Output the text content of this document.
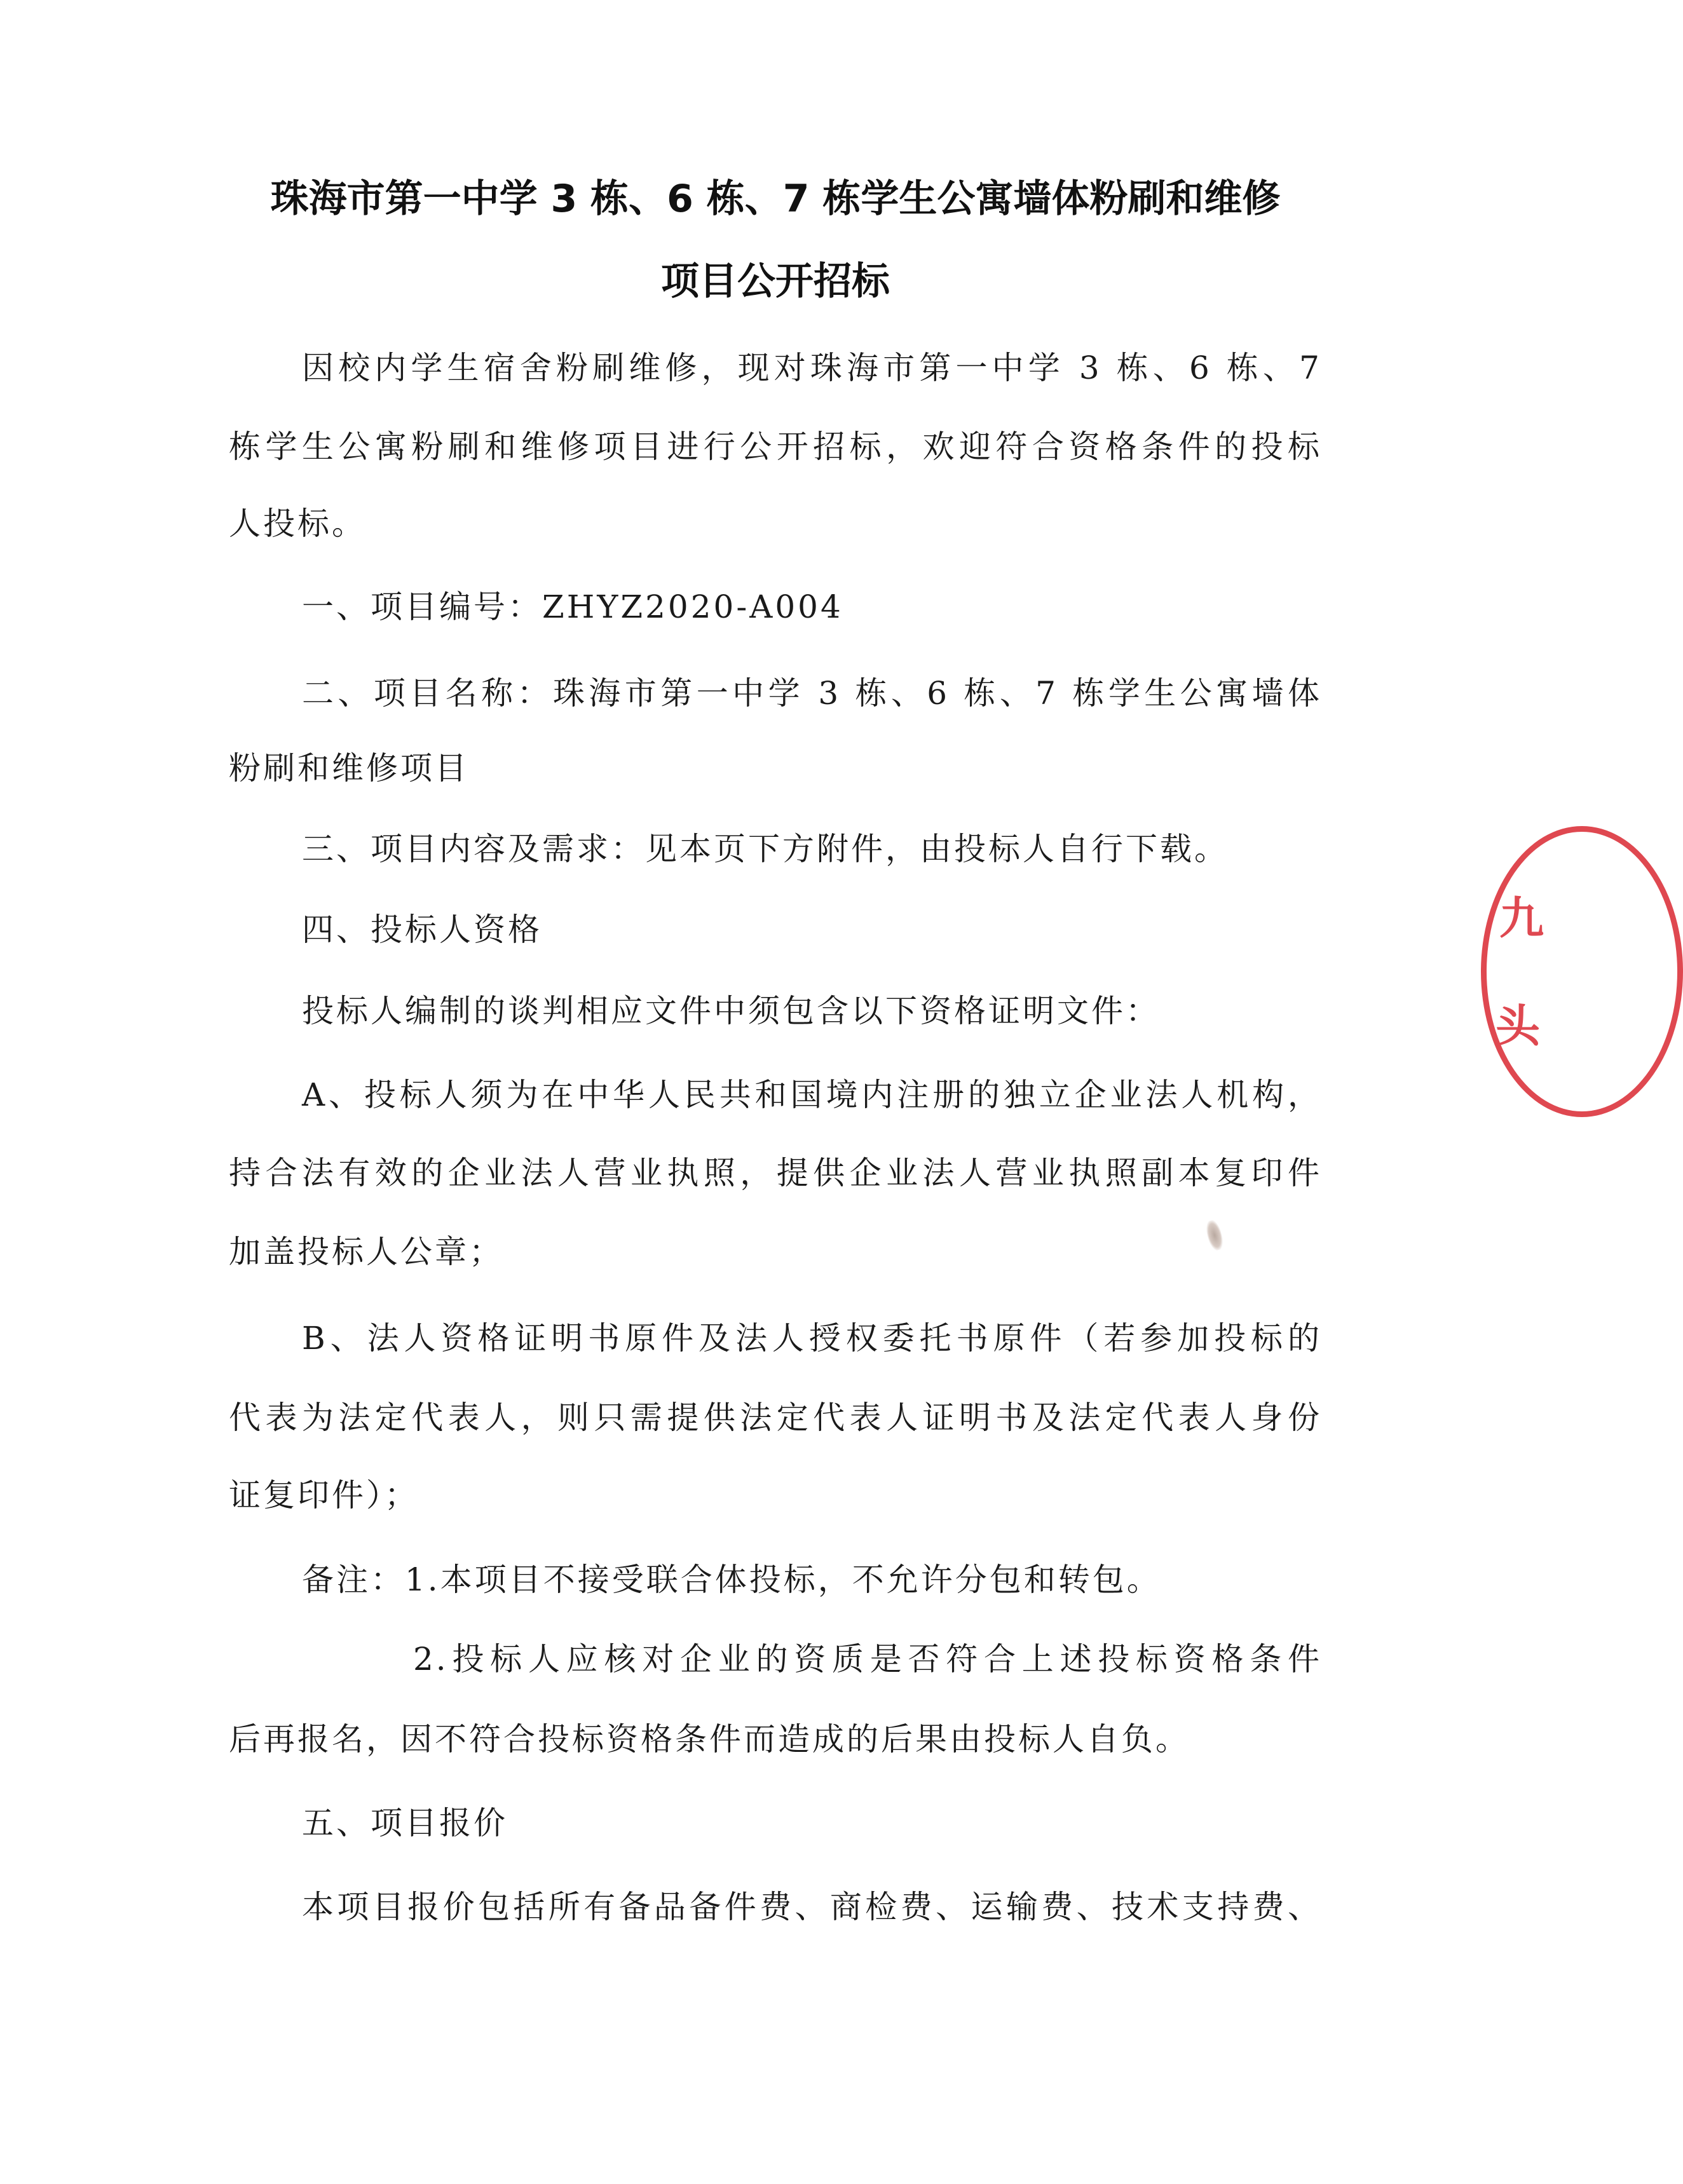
珠海市第一中学 3 栋、6 栋、7 栋学生公寓墙体粉刷和维修
项目公开招标
因校内学生宿舍粉刷维修，现对珠海市第一中学 3 栋、6 栋、7
栋学生公寓粉刷和维修项目进行公开招标，欢迎符合资格条件的投标
人投标。
一、项目编号：ZHYZ2020-A004
二、项目名称：珠海市第一中学 3 栋、6 栋、7 栋学生公寓墙体
粉刷和维修项目
三、项目内容及需求：见本页下方附件，由投标人自行下载。
四、投标人资格
投标人编制的谈判相应文件中须包含以下资格证明文件：
A、投标人须为在中华人民共和国境内注册的独立企业法人机构，
持合法有效的企业法人营业执照，提供企业法人营业执照副本复印件
加盖投标人公章；
B、法人资格证明书原件及法人授权委托书原件（若参加投标的
代表为法定代表人，则只需提供法定代表人证明书及法定代表人身份
证复印件）；
备注：1.本项目不接受联合体投标，不允许分包和转包。
2.投标人应核对企业的资质是否符合上述投标资格条件
后再报名，因不符合投标资格条件而造成的后果由投标人自负。
五、项目报价
本项目报价包括所有备品备件费、商检费、运输费、技术支持费、
九
头
